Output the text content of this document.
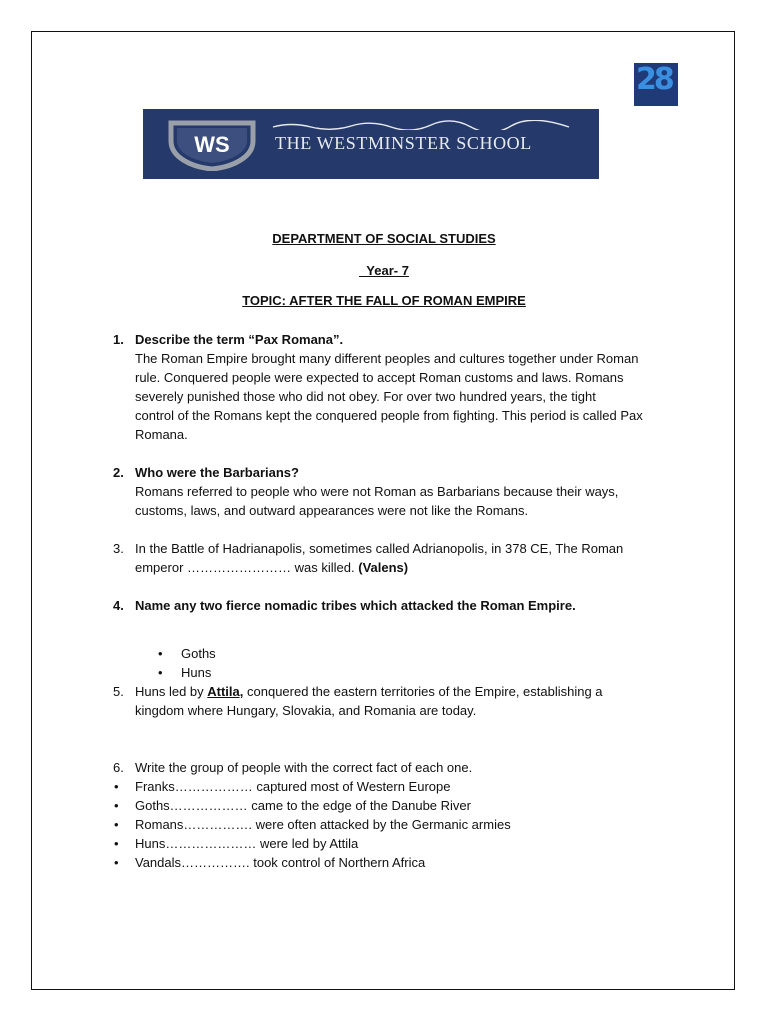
28
WS	THE WESTMINSTER SCHOOL
DEPARTMENT OF SOCIAL STUDIES
_Year- 7
TOPIC: AFTER THE FALL OF ROMAN EMPIRE
1. Describe the term “Pax Romana”.
The Roman Empire brought many different peoples and cultures together under Roman
rule. Conquered people were expected to accept Roman customs and laws. Romans
severely punished those who did not obey. For over two hundred years, the tight
control of the Romans kept the conquered people from fighting. This period is called Pax
Romana.
2. Who were the Barbarians?
Romans referred to people who were not Roman as Barbarians because their ways,
customs, laws, and outward appearances were not like the Romans.
3. In the Battle of Hadrianapolis, sometimes called Adrianopolis, in 378 CE, The Roman
emperor …………………… was killed. (Valens)
4. Name any two fierce nomadic tribes which attacked the Roman Empire.
• Goths
• Huns
5. Huns led by Attila, conquered the eastern territories of the Empire, establishing a
kingdom where Hungary, Slovakia, and Romania are today.
6. Write the group of people with the correct fact of each one.
• Franks……………… captured most of Western Europe
• Goths……………… came to the edge of the Danube River
• Romans……………. were often attacked by the Germanic armies
• Huns………………… were led by Attila
• Vandals……………. took control of Northern Africa
